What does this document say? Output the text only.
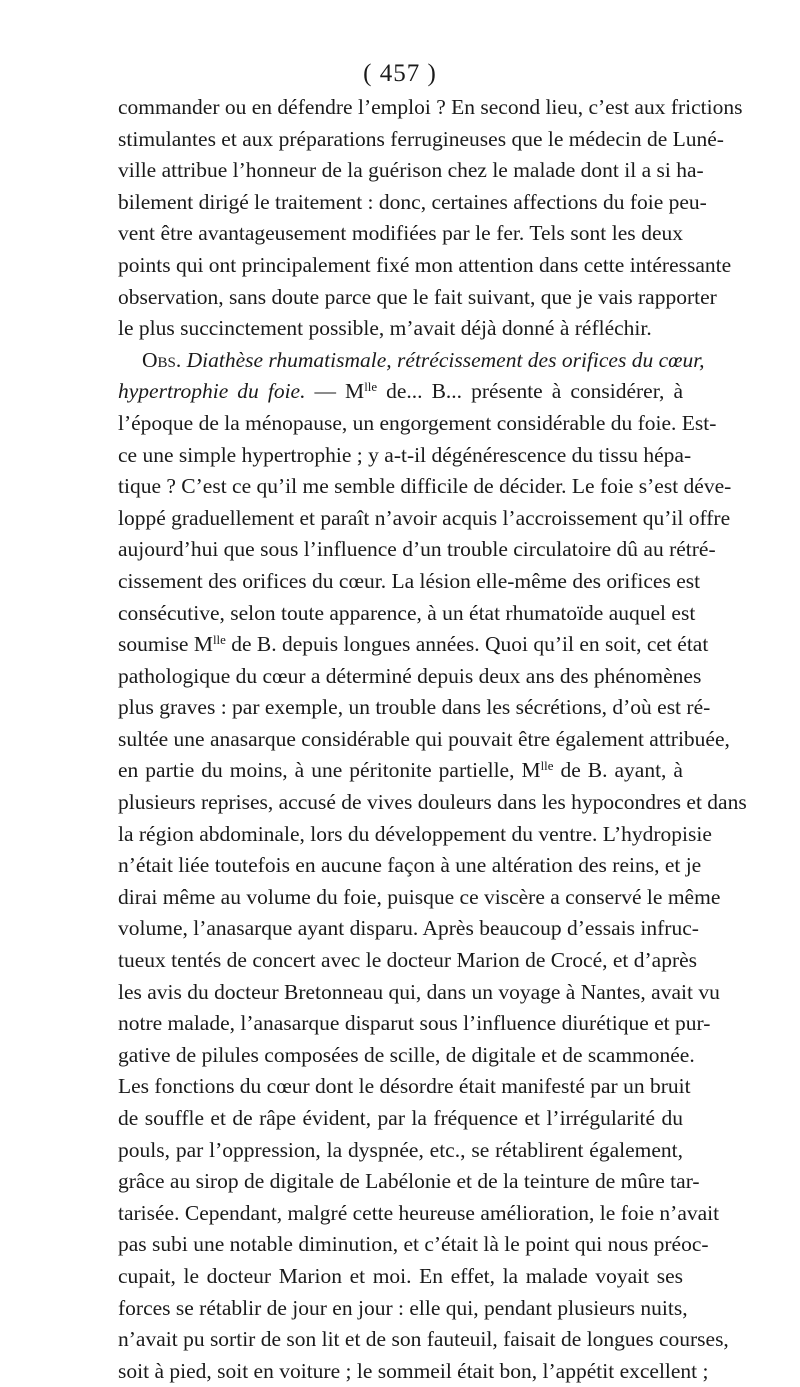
( 457 )
commander ou en défendre l’emploi ? En second lieu, c’est aux frictions
stimulantes et aux préparations ferrugineuses que le médecin de Luné-
ville attribue l’honneur de la guérison chez le malade dont il a si ha-
bilement dirigé le traitement : donc, certaines affections du foie peu-
vent être avantageusement modifiées par le fer. Tels sont les deux
points qui ont principalement fixé mon attention dans cette intéressante
observation, sans doute parce que le fait suivant, que je vais rapporter
le plus succinctement possible, m’avait déjà donné à réfléchir.
Obs. Diathèse rhumatismale, rétrécissement des orifices du cœur,
hypertrophie du foie. — $M^{lle}$ de... B... présente à considérer, à
l’époque de la ménopause, un engorgement considérable du foie. Est-
ce une simple hypertrophie ; y a-t-il dégénérescence du tissu hépa-
tique ? C’est ce qu’il me semble difficile de décider. Le foie s’est déve-
loppé graduellement et paraît n’avoir acquis l’accroissement qu’il offre
aujourd’hui que sous l’influence d’un trouble circulatoire dû au rétré-
cissement des orifices du cœur. La lésion elle-même des orifices est
consécutive, selon toute apparence, à un état rhumatoïde auquel est
soumise $M^{lle}$ de B. depuis longues années. Quoi qu’il en soit, cet état
pathologique du cœur a déterminé depuis deux ans des phénomènes
plus graves : par exemple, un trouble dans les sécrétions, d’où est ré-
sultée une anasarque considérable qui pouvait être également attribuée,
en partie du moins, à une péritonite partielle, $M^{lle}$ de B. ayant, à
plusieurs reprises, accusé de vives douleurs dans les hypocondres et dans
la région abdominale, lors du développement du ventre. L’hydropisie
n’était liée toutefois en aucune façon à une altération des reins, et je
dirai même au volume du foie, puisque ce viscère a conservé le même
volume, l’anasarque ayant disparu. Après beaucoup d’essais infruc-
tueux tentés de concert avec le docteur Marion de Crocé, et d’après
les avis du docteur Bretonneau qui, dans un voyage à Nantes, avait vu
notre malade, l’anasarque disparut sous l’influence diurétique et pur-
gative de pilules composées de scille, de digitale et de scammonée.
Les fonctions du cœur dont le désordre était manifesté par un bruit
de souffle et de râpe évident, par la fréquence et l’irrégularité du
pouls, par l’oppression, la dyspnée, etc., se rétablirent également,
grâce au sirop de digitale de Labélonie et de la teinture de mûre tar-
tarisée. Cependant, malgré cette heureuse amélioration, le foie n’avait
pas subi une notable diminution, et c’était là le point qui nous préoc-
cupait, le docteur Marion et moi. En effet, la malade voyait ses
forces se rétablir de jour en jour : elle qui, pendant plusieurs nuits,
n’avait pu sortir de son lit et de son fauteuil, faisait de longues courses,
soit à pied, soit en voiture ; le sommeil était bon, l’appétit excellent ;
